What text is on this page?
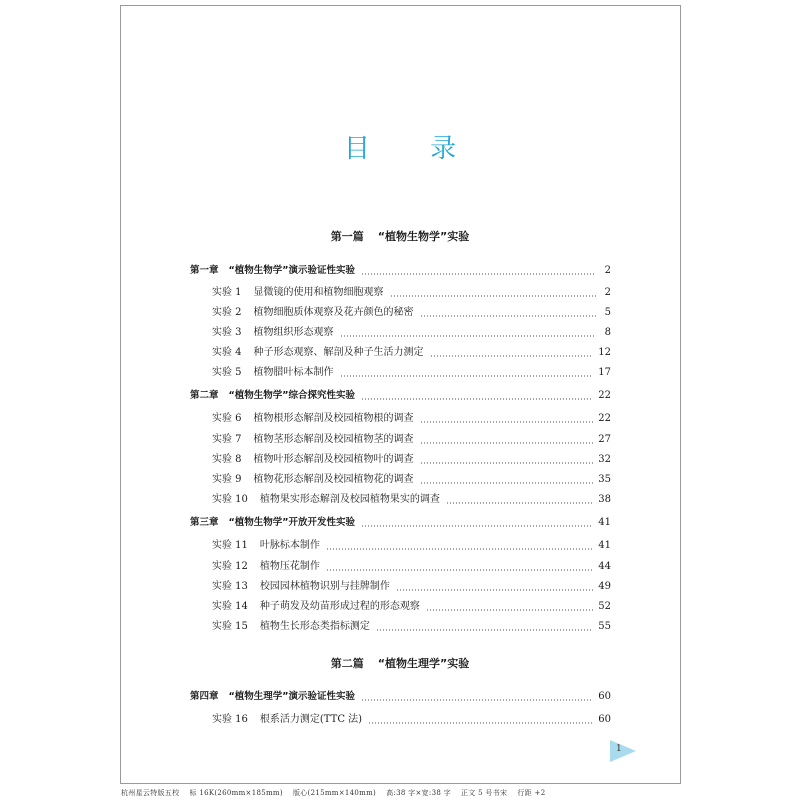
目 录
第一篇 “植物生物学”实验
第一章 “植物生物学”演示验证性实验	2
实验 1 显微镜的使用和植物细胞观察	2
实验 2 植物细胞质体观察及花卉颜色的秘密	5
实验 3 植物组织形态观察	8
实验 4 种子形态观察、解剖及种子生活力测定	12
实验 5 植物腊叶标本制作	17
第二章 “植物生物学”综合探究性实验	22
实验 6 植物根形态解剖及校园植物根的调查	22
实验 7 植物茎形态解剖及校园植物茎的调查	27
实验 8 植物叶形态解剖及校园植物叶的调查	32
实验 9 植物花形态解剖及校园植物花的调查	35
实验 10 植物果实形态解剖及校园植物果实的调查	38
第三章 “植物生物学”开放开发性实验	41
实验 11 叶脉标本制作	41
实验 12 植物压花制作	44
实验 13 校园园林植物识别与挂牌制作	49
实验 14 种子萌发及幼苗形成过程的形态观察	52
实验 15 植物生长形态类指标测定	55
第二篇 “植物生理学”实验
第四章 “植物生理学”演示验证性实验	60
实验 16 根系活力测定(TTC 法)	60
1
杭州星云特版五校    标 16K(260mm×185mm)    版心(215mm×140mm)    高:38 字×宽:38 字    正文 5 号书宋    行距 +2
